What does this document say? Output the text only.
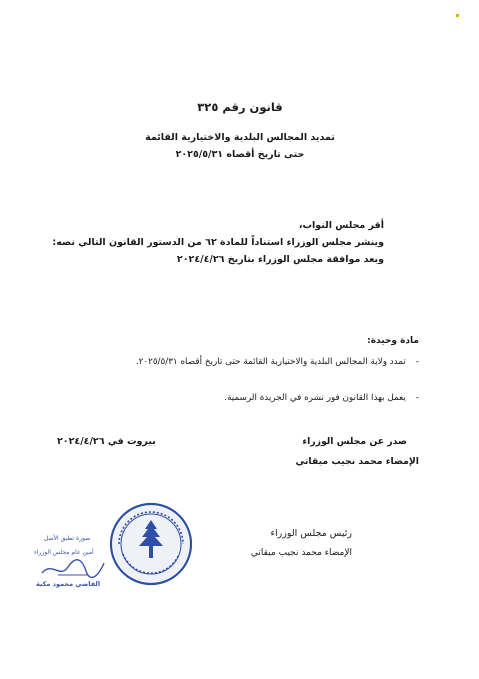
قانون رقم ٣٢٥
تمديد المجالس البلدية والاختيارية القائمة
حتى تاريخ أقصاه ٢٠٢٥/٥/٣١
أقر مجلس النواب،
وينشر مجلس الوزراء استناداً للمادة ٦٢ من الدستور القانون التالي نصه:
وبعد موافقة مجلس الوزراء بتاريخ ٢٠٢٤/٤/٢٦
مادة وحيدة:
-تمدد ولاية المجالس البلدية والاختيارية القائمة حتى تاريخ أقصاه ٢٠٢٥/٥/٣١.
-يعمل بهذا القانون فور نشره في الجريدة الرسمية.
صدر عن مجلس الوزراء
بيروت في ٢٠٢٤/٤/٢٦
الإمضاء محمد نجيب ميقاتي
رئيس مجلس الوزراء
الإمضاء محمد نجيب ميقاتي
صورة تطبق الأصل
أمين عام مجلس الوزراء
القاضي محمود مكية
